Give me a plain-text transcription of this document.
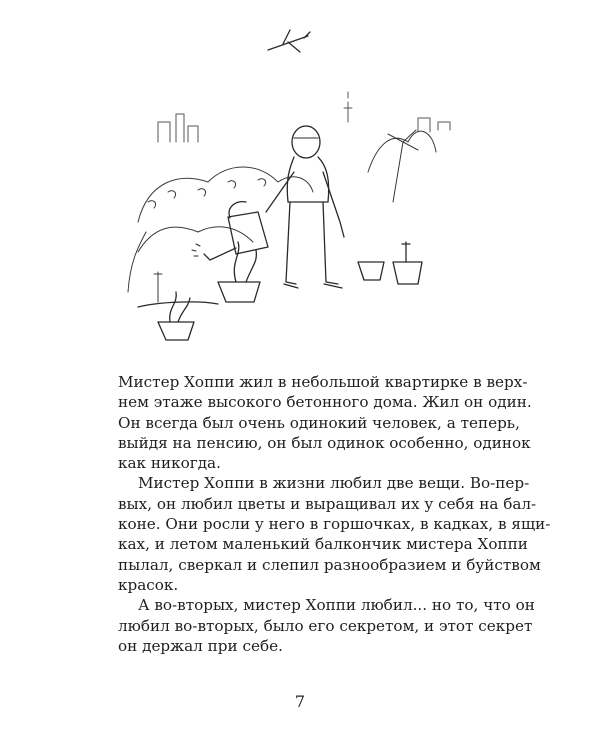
Мистер Хоппи жил в небольшой квартирке в верх-
нем этаже высокого бетонного дома. Жил он один.
Он всегда был очень одинокий человек, а теперь,
выйдя на пенсию, он был одинок особенно, одинок
как никогда.
Мистер Хоппи в жизни любил две вещи. Во-пер-
вых, он любил цветы и выращивал их у себя на бал-
коне. Они росли у него в горшочках, в кадках, в ящи-
ках, и летом маленький балкончик мистера Хоппи
пылал, сверкал и слепил разнообразием и буйством
красок.
А во-вторых, мистер Хоппи любил... но то, что он
любил во-вторых, было его секретом, и этот секрет
он держал при себе.
7
